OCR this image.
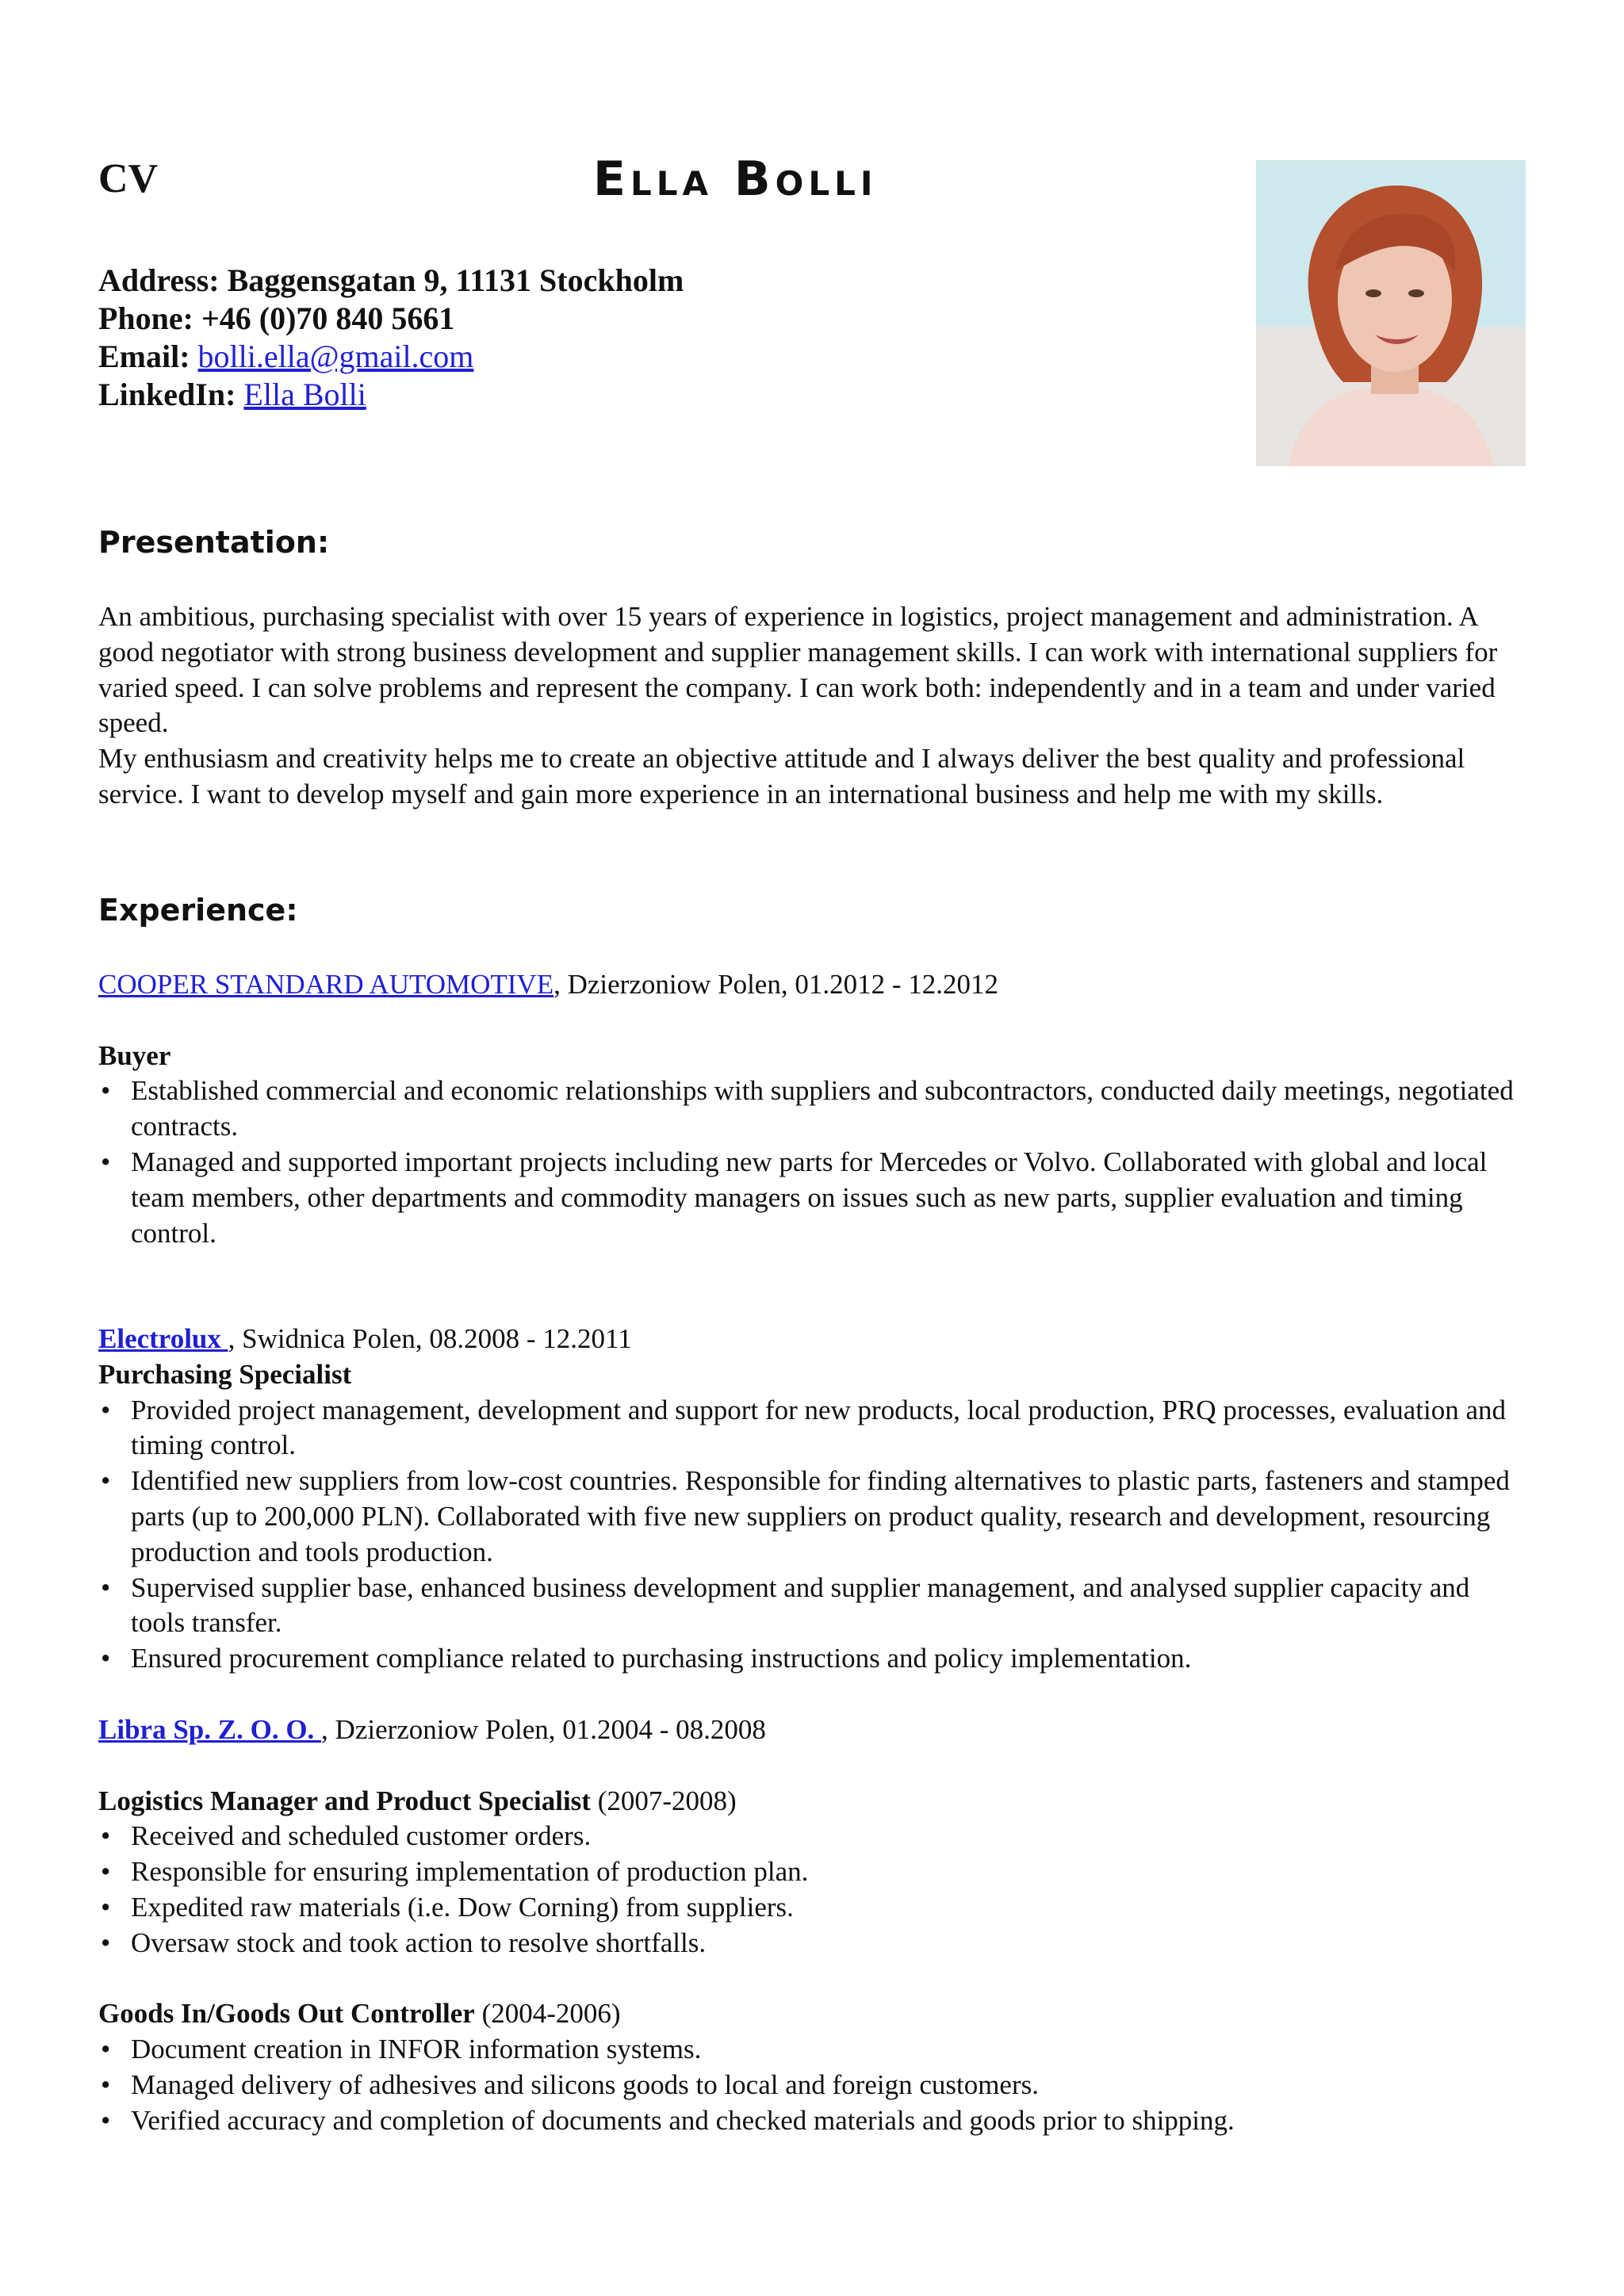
CV	Ella Bolli
Address: Baggensgatan 9, 11131 Stockholm
Phone: +46 (0)70 840 5661
Email: bolli.ella@gmail.com
LinkedIn: Ella Bolli
Presentation:

An ambitious, purchasing specialist with over 15 years of experience in logistics, project management and administration. A good negotiator with strong business development and supplier management skills. I can work with international suppliers for varied speed. I can solve problems and represent the company. I can work both: independently and in a team and under varied speed.

My enthusiasm and creativity helps me to create an objective attitude and I always deliver the best quality and professional service. I want to develop myself and gain more experience in an international business and help me with my skills.

Experience:
COOPER STANDARD AUTOMOTIVE, Dzierzoniow Polen, 01.2012 - 12.2012
Buyer
• Established commercial and economic relationships with suppliers and subcontractors, conducted daily meetings, negotiated contracts.
• Managed and supported important projects including new parts for Mercedes or Volvo. Collaborated with global and local team members, other departments and commodity managers on issues such as new parts, supplier evaluation and timing control.
Electrolux , Swidnica Polen, 08.2008 - 12.2011
Purchasing Specialist
• Provided project management, development and support for new products, local production, PRQ processes, evaluation and timing control.
• Identified new suppliers from low-cost countries. Responsible for finding alternatives to plastic parts, fasteners and stamped parts (up to 200,000 PLN). Collaborated with five new suppliers on product quality, research and development, resourcing production and tools production.
• Supervised supplier base, enhanced business development and supplier management, and analysed supplier capacity and tools transfer.
• Ensured procurement compliance related to purchasing instructions and policy implementation.
Libra Sp. Z. O. O. , Dzierzoniow Polen, 01.2004 - 08.2008
Logistics Manager and Product Specialist (2007-2008)
• Received and scheduled customer orders.
• Responsible for ensuring implementation of production plan.
• Expedited raw materials (i.e. Dow Corning) from suppliers.
• Oversaw stock and took action to resolve shortfalls.
Goods In/Goods Out Controller (2004-2006)
• Document creation in INFOR information systems.
• Managed delivery of adhesives and silicons goods to local and foreign customers.
• Verified accuracy and completion of documents and checked materials and goods prior to shipping.
